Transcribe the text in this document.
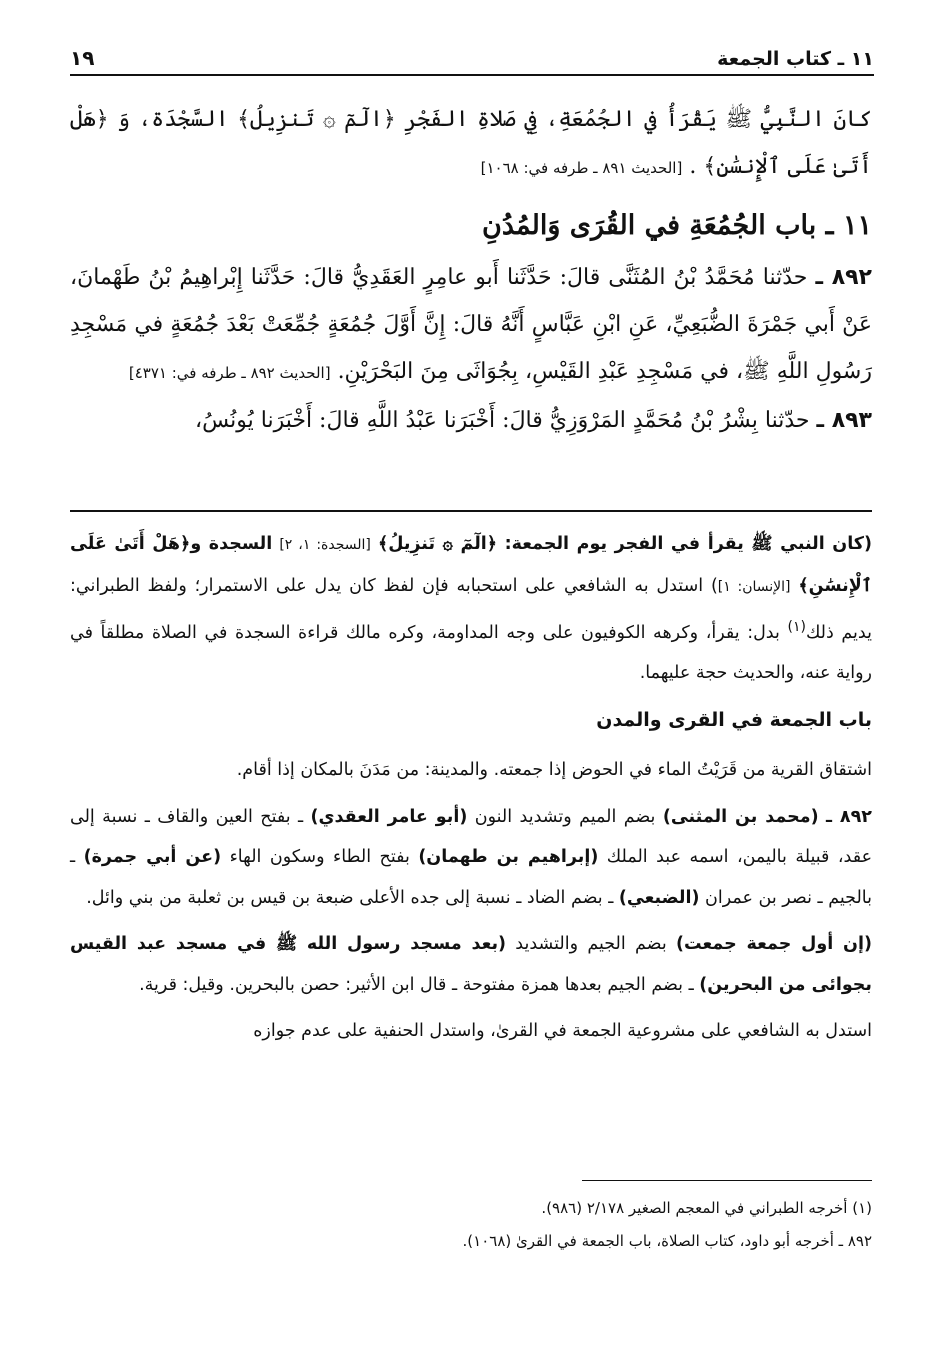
١٩	١١ ـ كتاب الجمعة

كانَ النَّبِيُّ ﷺ يَقْرَأُ في الجُمُعَةِ، فِي صَلاةِ الفَجْرِ ﴿الٓمٓ ۞ تَنزِيلُ﴾ السَّجْدَة، وَ ﴿هَلْ أَتَىٰ عَلَى ٱلْإِنسَٰنِ﴾ . [الحديث ٨٩١ ـ طرفه في: ١٠٦٨]

١١ ـ باب الجُمُعَةِ في القُرَى وَالمُدُنِ

٨٩٢ ـ حدّثنا مُحَمَّدُ بْنُ المُثَنَّى قالَ: حَدَّثَنا أَبو عامِرٍ العَقَدِيُّ قالَ: حَدَّثَنا إِبْراهِيمُ بْنُ طَهْمانَ، عَنْ أَبي جَمْرَةَ الضُّبَعِيِّ، عَنِ ابْنِ عَبَّاسٍ أَنَّهُ قالَ: إِنَّ أَوَّلَ جُمُعَةٍ جُمِّعَتْ بَعْدَ جُمُعَةٍ في مَسْجِدِ رَسُولِ اللَّهِ ﷺ، في مَسْجِدِ عَبْدِ القَيْسِ، بِجُوَاثَى مِنَ البَحْرَيْنِ. [الحديث ٨٩٢ ـ طرفه في: ٤٣٧١]

٨٩٣ ـ حدّثنا بِشْرُ بْنُ مُحَمَّدٍ المَرْوَزِيُّ قالَ: أَخْبَرَنا عَبْدُ اللَّهِ قالَ: أَخْبَرَنا يُونُسُ،

(كان النبي ﷺ يقرأ في الفجر يوم الجمعة: ﴿الٓمٓ ۞ تَنزِيلُ﴾ [السجدة: ١، ٢] السجدة و﴿هَلْ أَتَىٰ عَلَى ٱلْإِنسَٰنِ﴾ [الإنسان: ١]) استدل به الشافعي على استحبابه فإن لفظ كان يدل على الاستمرار؛ ولفظ الطبراني: يديم ذلك$^{(١)}$ بدل: يقرأ، وكرهه الكوفيون على وجه المداومة، وكره مالك قراءة السجدة في الصلاة مطلقاً في رواية عنه، والحديث حجة عليهما.

باب الجمعة في القرى والمدن

اشتقاق القرية من قَرَيْتُ الماء في الحوض إذا جمعته. والمدينة: من مَدَنَ بالمكان إذا أقام.

٨٩٢ ـ (محمد بن المثنى) بضم الميم وتشديد النون (أبو عامر العقدي) ـ بفتح العين والقاف ـ نسبة إلى عقد، قبيلة باليمن، اسمه عبد الملك (إبراهيم بن طهمان) بفتح الطاء وسكون الهاء (عن أبي جمرة) ـ بالجيم ـ نصر بن عمران (الضبعي) ـ بضم الضاد ـ نسبة إلى جده الأعلى ضبعة بن قيس بن ثعلبة من بني وائل.

(إن أول جمعة جمعت) بضم الجيم والتشديد (بعد مسجد رسول الله ﷺ في مسجد عبد القيس بجوائى من البحرين) ـ بضم الجيم بعدها همزة مفتوحة ـ قال ابن الأثير: حصن بالبحرين. وقيل: قرية.

استدل به الشافعي على مشروعية الجمعة في القرىٰ، واستدل الحنفية على عدم جوازه

(١) أخرجه الطبراني في المعجم الصغير ٢/١٧٨ (٩٨٦).

٨٩٢ ـ أخرجه أبو داود، كتاب الصلاة، باب الجمعة في القرىٰ (١٠٦٨).
